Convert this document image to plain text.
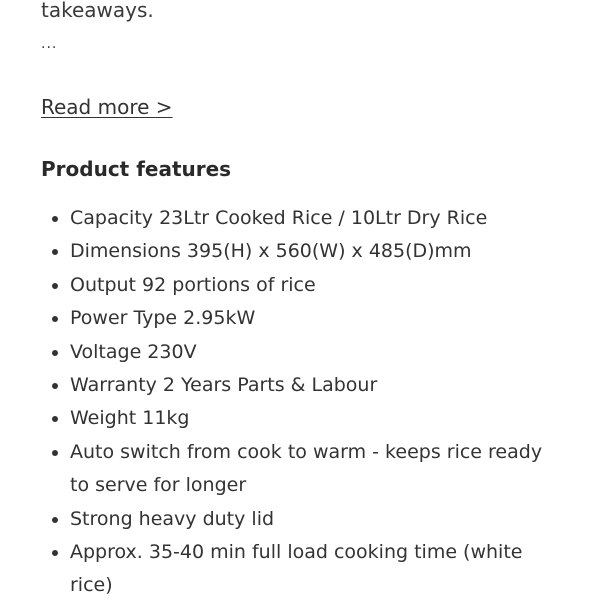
takeaways.

...
Read more >
Product features
Capacity 23Ltr Cooked Rice / 10Ltr Dry Rice
Dimensions 395(H) x 560(W) x 485(D)mm
Output 92 portions of rice
Power Type 2.95kW
Voltage 230V
Warranty 2 Years Parts & Labour
Weight 11kg
Auto switch from cook to warm - keeps rice ready to serve for longer
Strong heavy duty lid
Approx. 35-40 min full load cooking time (white rice)
